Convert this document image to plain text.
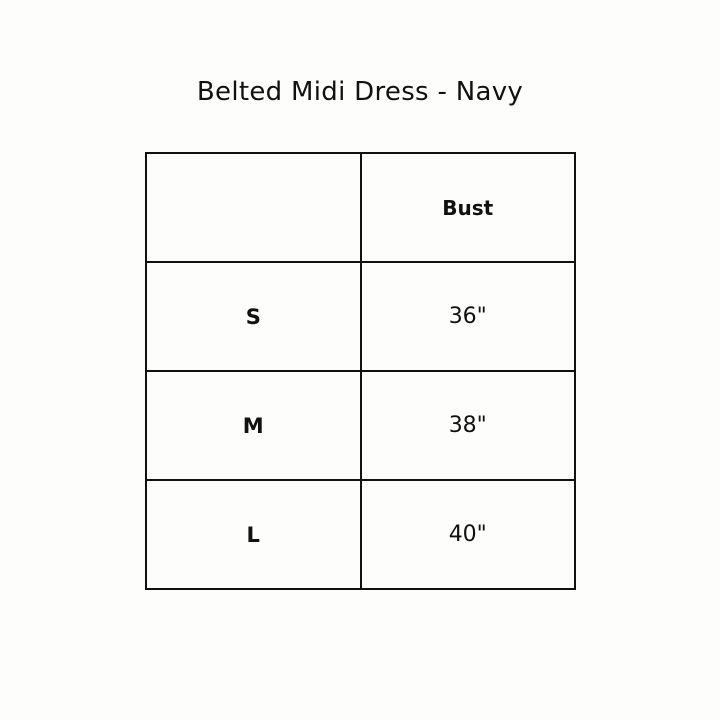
Belted Midi Dress - Navy
	Bust
S	36"
M	38"
L	40"
